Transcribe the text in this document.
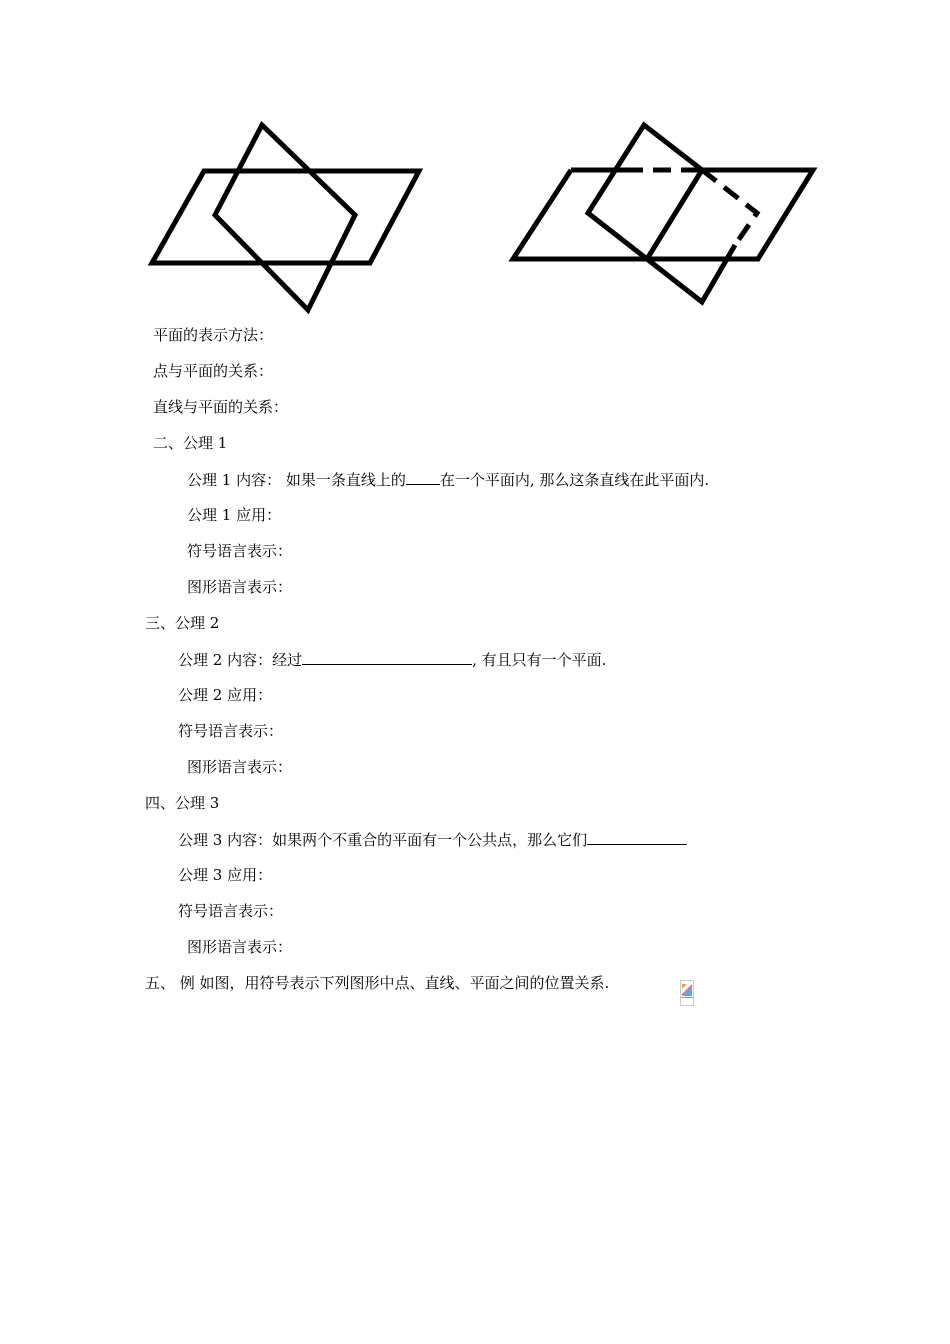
平面的表示方法：
点与平面的关系：
直线与平面的关系：
二、公理 1
公理 1 内容： 如果一条直线上的 在一个平面内, 那么这条直线在此平面内.
公理 1 应用：
符号语言表示：
图形语言表示：
三、公理 2
公理 2 内容：经过	, 有且只有一个平面.
公理 2 应用：
符号语言表示：
图形语言表示：
四、公理 3
公理 3 内容：如果两个不重合的平面有一个公共点，那么它们
公理 3 应用：
符号语言表示：
图形语言表示：
五、 例 如图，用符号表示下列图形中点、直线、平面之间的位置关系.
